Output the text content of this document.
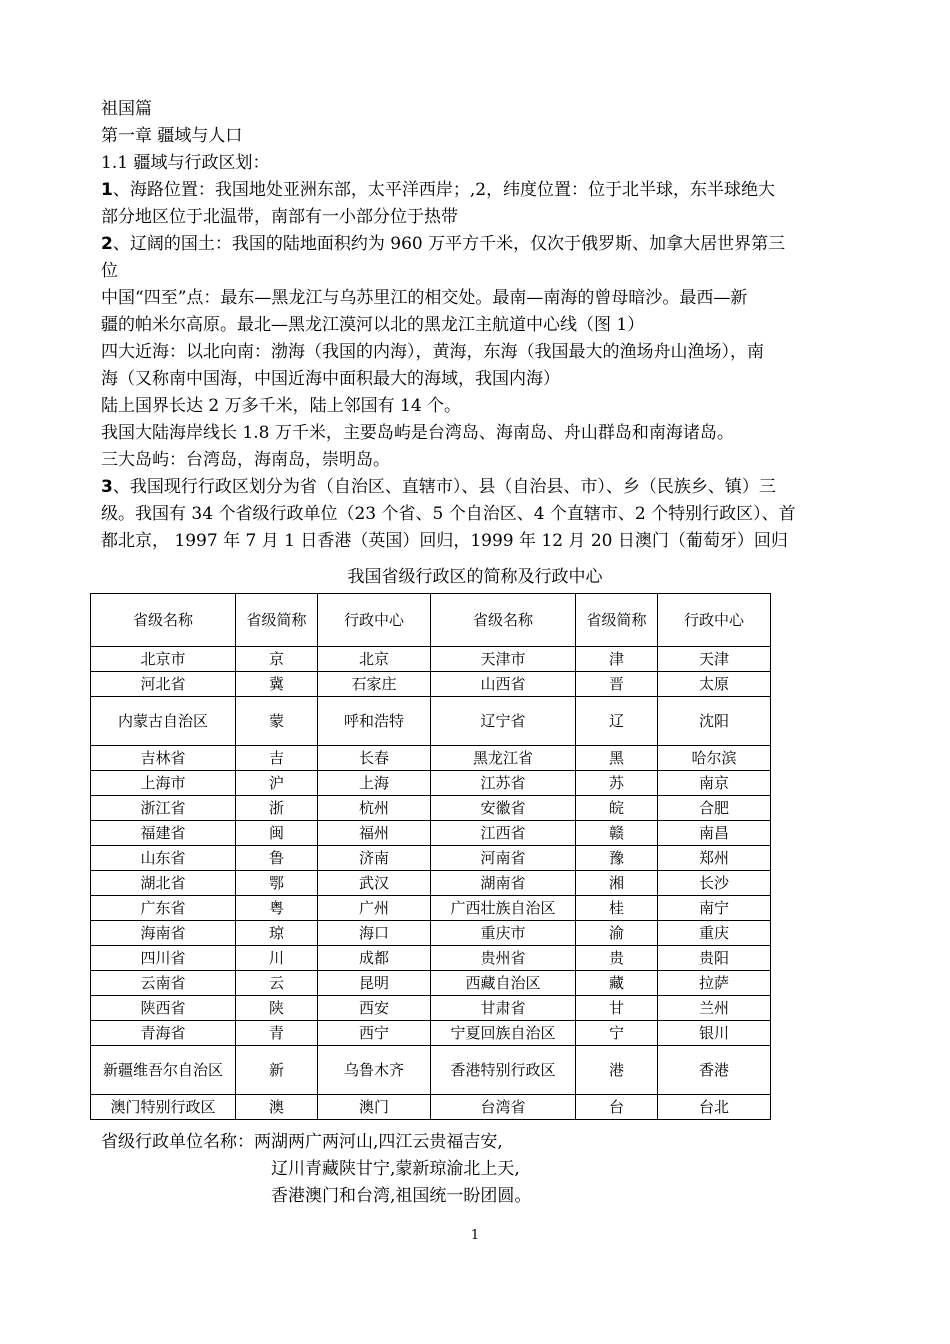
祖国篇
第一章 疆域与人口
1.1 疆域与行政区划：
1、海路位置：我国地处亚洲东部，太平洋西岸；,2，纬度位置：位于北半球，东半球绝大
部分地区位于北温带，南部有一小部分位于热带
2、辽阔的国土：我国的陆地面积约为 960 万平方千米，仅次于俄罗斯、加拿大居世界第三
位
中国“四至”点：最东—黑龙江与乌苏里江的相交处。最南—南海的曾母暗沙。最西—新
疆的帕米尔高原。最北—黑龙江漠河以北的黑龙江主航道中心线（图 1）
四大近海：以北向南：渤海（我国的内海），黄海，东海（我国最大的渔场舟山渔场），南
海（又称南中国海，中国近海中面积最大的海域，我国内海）
陆上国界长达 2 万多千米，陆上邻国有 14 个。
我国大陆海岸线长 1.8 万千米，主要岛屿是台湾岛、海南岛、舟山群岛和南海诸岛。
三大岛屿：台湾岛，海南岛，崇明岛。
3、我国现行行政区划分为省（自治区、直辖市）、县（自治县、市）、乡（民族乡、镇）三
级。我国有 34 个省级行政单位（23 个省、5 个自治区、4 个直辖市、2 个特别行政区）、首
都北京， 1997 年 7 月 1 日香港（英国）回归，1999 年 12 月 20 日澳门（葡萄牙）回归
我国省级行政区的简称及行政中心
省级名称	省级简称	行政中心	省级名称	省级简称	行政中心
北京市	京	北京	天津市	津	天津
河北省	冀	石家庄	山西省	晋	太原
内蒙古自治区	蒙	呼和浩特	辽宁省	辽	沈阳
吉林省	吉	长春	黑龙江省	黑	哈尔滨
上海市	沪	上海	江苏省	苏	南京
浙江省	浙	杭州	安徽省	皖	合肥
福建省	闽	福州	江西省	赣	南昌
山东省	鲁	济南	河南省	豫	郑州
湖北省	鄂	武汉	湖南省	湘	长沙
广东省	粤	广州	广西壮族自治区	桂	南宁
海南省	琼	海口	重庆市	渝	重庆
四川省	川	成都	贵州省	贵	贵阳
云南省	云	昆明	西藏自治区	藏	拉萨
陕西省	陕	西安	甘肃省	甘	兰州
青海省	青	西宁	宁夏回族自治区	宁	银川
新疆维吾尔自治区	新	乌鲁木齐	香港特别行政区	港	香港
澳门特别行政区	澳	澳门	台湾省	台	台北
省级行政单位名称：两湖两广两河山,四江云贵福吉安,
辽川青藏陕甘宁,蒙新琼渝北上天,
香港澳门和台湾,祖国统一盼团圆。
1
